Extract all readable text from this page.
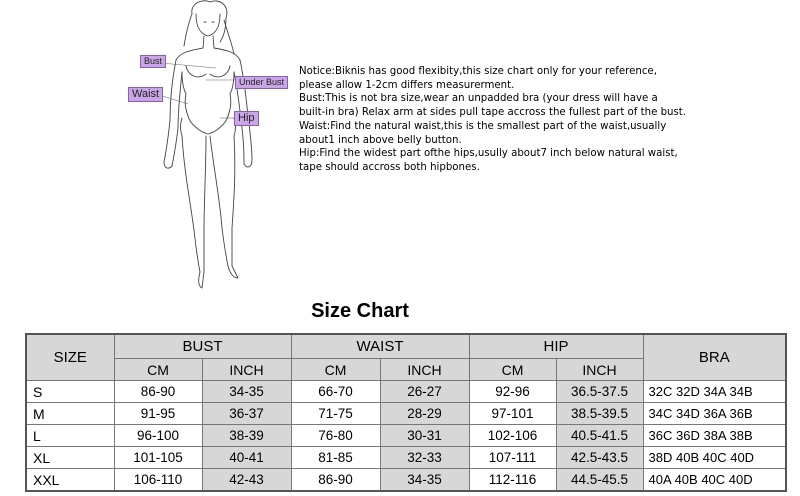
Bust
Under Bust
Waist
Hip
Notice:Biknis has good flexibity,this size chart only for your reference,
please allow 1-2cm differs measurerment.
Bust:This is not bra size,wear an unpadded bra (your dress will have a
built-in bra) Relax arm at sides pull tape accross the fullest part of the bust.
Waist:Find the natural waist,this is the smallest part of the waist,usually
about1 inch above belly button.
Hip:Find the widest part ofthe hips,usully about7 inch below natural waist,
tape should accross both hipbones.
Size Chart
SIZE	BUST		WAIST		HIP		BRA
	CM	INCH	CM	INCH	CM	INCH	
S	86-90	34-35	66-70	26-27	92-96	36.5-37.5	32C 32D 34A 34B
M	91-95	36-37	71-75	28-29	97-101	38.5-39.5	34C 34D 36A 36B
L	96-100	38-39	76-80	30-31	102-106	40.5-41.5	36C 36D 38A 38B
XL	101-105	40-41	81-85	32-33	107-111	42.5-43.5	38D 40B 40C 40D
XXL	106-110	42-43	86-90	34-35	112-116	44.5-45.5	40A 40B 40C 40D
